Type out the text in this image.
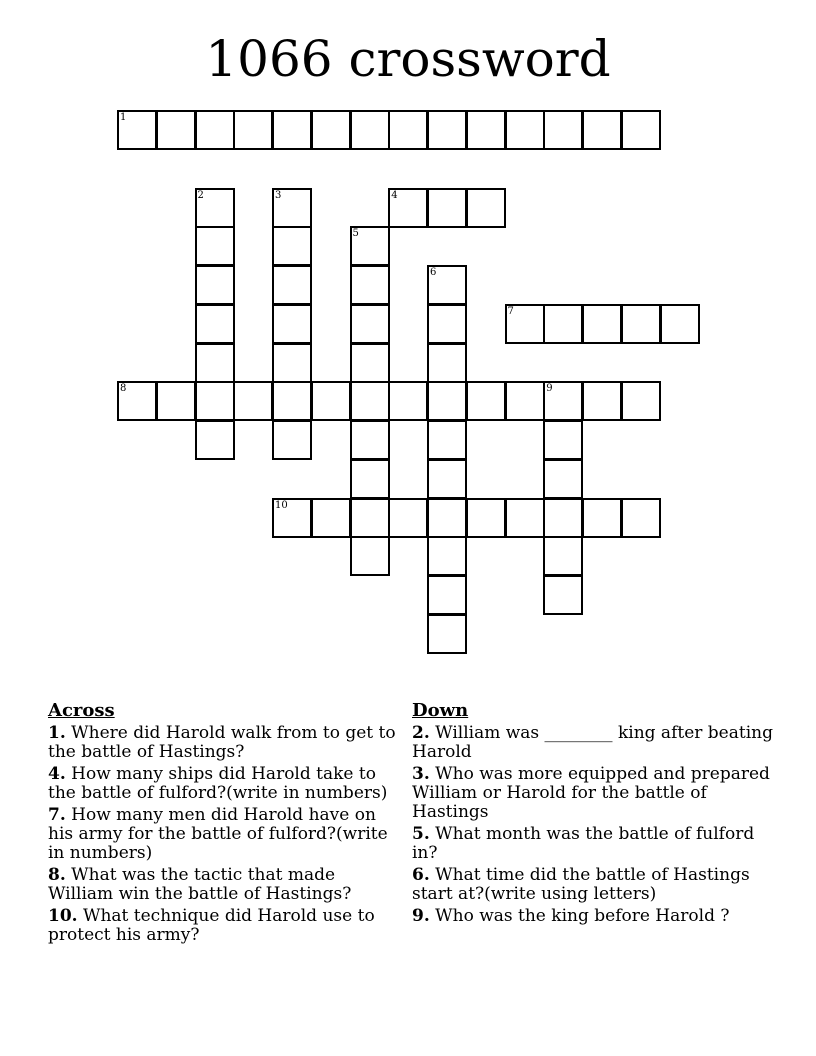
1066 crossword
1
2	3	4
5
6
7
8	9
10
Across
1. Where did Harold walk from to get to the battle of Hastings?
4. How many ships did Harold take to the battle of fulford?(write in numbers)
7. How many men did Harold have on his army for the battle of fulford?(write in numbers)
8. What was the tactic that made William win the battle of Hastings?
10. What technique did Harold use to protect his army?
Down
2. William was ________ king after beating Harold
3. Who was more equipped and prepared William or Harold for the battle of Hastings
5. What month was the battle of fulford in?
6. What time did the battle of Hastings start at?(write using letters)
9. Who was the king before Harold ?
